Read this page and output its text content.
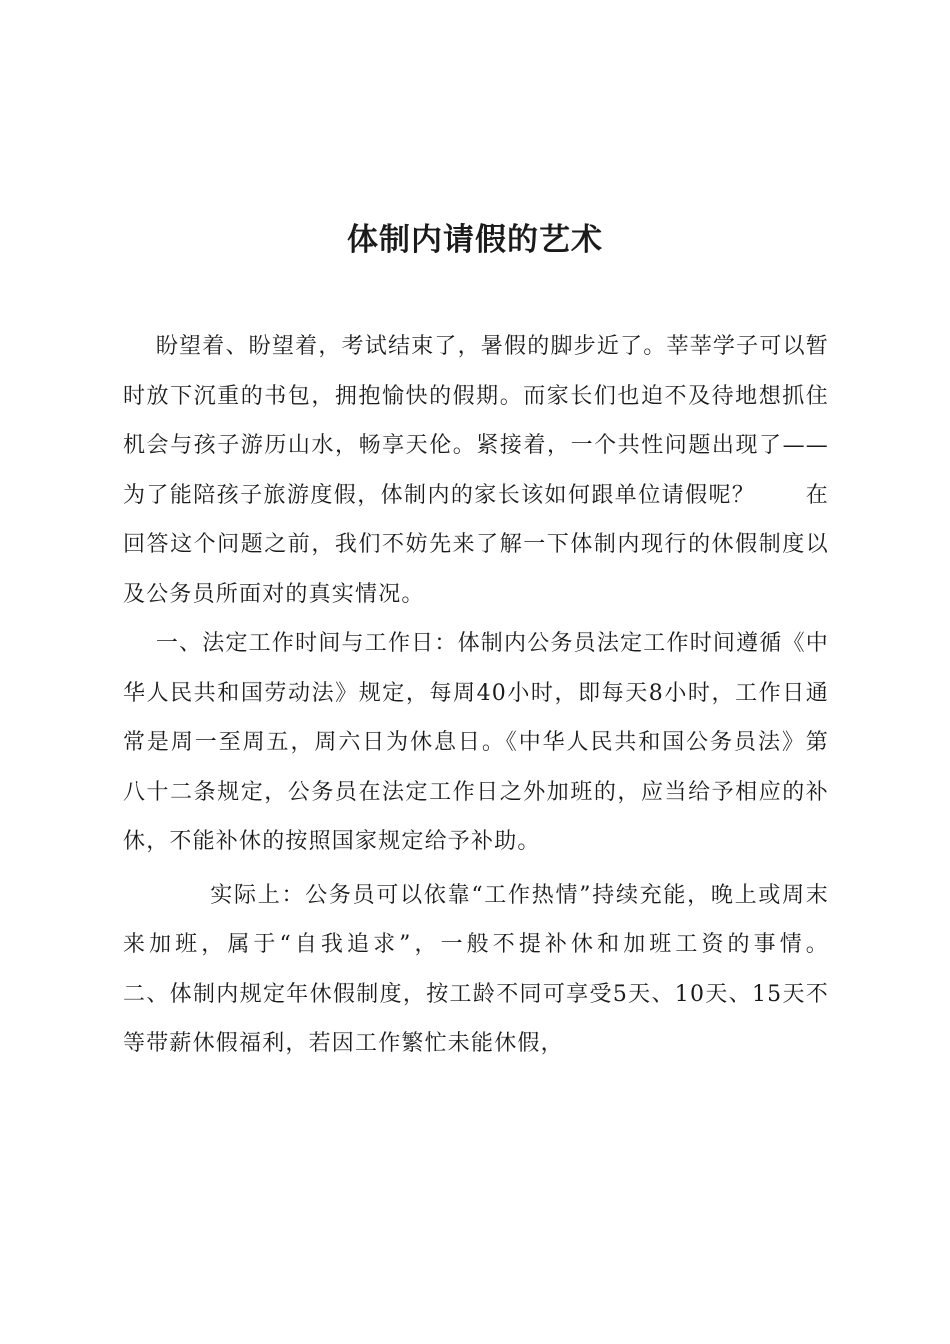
体制内请假的艺术

盼望着、盼望着，考试结束了，暑假的脚步近了。莘莘学子可以暂时放下沉重的书包，拥抱愉快的假期。而家长们也迫不及待地想抓住机会与孩子游历山水，畅享天伦。紧接着，一个共性问题出现了——为了能陪孩子旅游度假，体制内的家长该如何跟单位请假呢？      在回答这个问题之前，我们不妨先来了解一下体制内现行的休假制度以及公务员所面对的真实情况。

一、法定工作时间与工作日：体制内公务员法定工作时间遵循《中华人民共和国劳动法》规定，每周40小时，即每天8小时，工作日通常是周一至周五，周六日为休息日。《中华人民共和国公务员法》第八十二条规定，公务员在法定工作日之外加班的，应当给予相应的补休，不能补休的按照国家规定给予补助。

实际上：公务员可以依靠“工作热情”持续充能，晚上或周末来加班，属于“自我追求”，一般不提补休和加班工资的事情。      二、体制内规定年休假制度，按工龄不同可享受5天、10天、15天不等带薪休假福利，若因工作繁忙未能休假，
